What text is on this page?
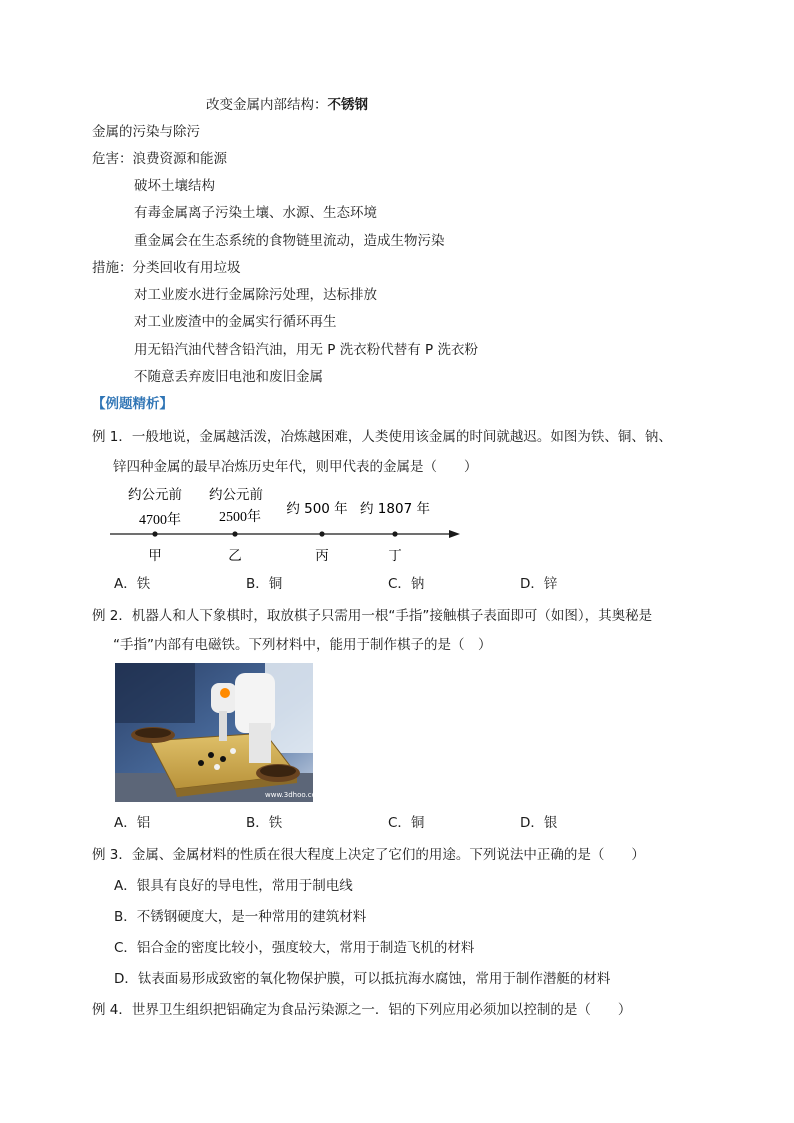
改变金属内部结构：不锈钢
金属的污染与除污
危害：浪费资源和能源
破坏土壤结构
有毒金属离子污染土壤、水源、生态环境
重金属会在生态系统的食物链里流动，造成生物污染
措施：分类回收有用垃圾
对工业废水进行金属除污处理，达标排放
对工业废渣中的金属实行循环再生
用无铅汽油代替含铅汽油，用无 P 洗衣粉代替有 P 洗衣粉
不随意丢弃废旧电池和废旧金属
【例题精析】
例 1．一般地说，金属越活泼，冶炼越困难，人类使用该金属的时间就越迟。如图为铁、铜、钠、
锌四种金属的最早冶炼历史年代，则甲代表的金属是（　　）
约公元前
4700年
甲
约公元前
2500年
乙
约 500 年
丙
约 1807 年
丁
A．铁	B．铜	C．钠	D．锌
例 2．机器人和人下象棋时，取放棋子只需用一根“手指”接触棋子表面即可（如图），其奥秘是
“手指”内部有电磁铁。下列材料中，能用于制作棋子的是（　）
www.3dhoo.com
A．铝	B．铁	C．铜	D．银
例 3．金属、金属材料的性质在很大程度上决定了它们的用途。下列说法中正确的是（　　）
A．银具有良好的导电性，常用于制电线
B．不锈钢硬度大，是一种常用的建筑材料
C．铝合金的密度比较小，强度较大，常用于制造飞机的材料
D．钛表面易形成致密的氧化物保护膜，可以抵抗海水腐蚀，常用于制作潜艇的材料
例 4．世界卫生组织把铝确定为食品污染源之一．铝的下列应用必须加以控制的是（　　）
